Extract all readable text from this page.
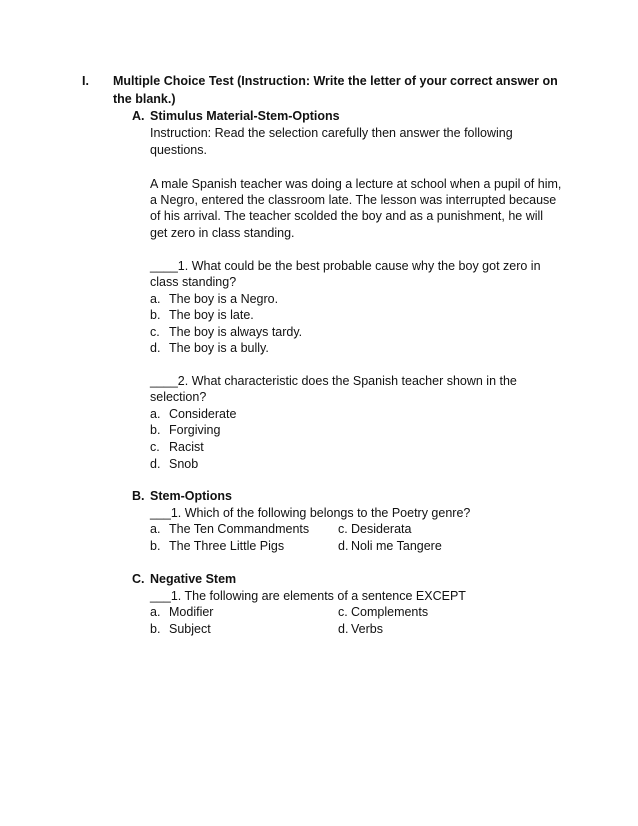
I. Multiple Choice Test (Instruction: Write the letter of your correct answer on
the blank.)
A. Stimulus Material-Stem-Options
Instruction: Read the selection carefully then answer the following
questions.
A male Spanish teacher was doing a lecture at school when a pupil of him,
a Negro, entered the classroom late. The lesson was interrupted because
of his arrival. The teacher scolded the boy and as a punishment, he will
get zero in class standing.
____1. What could be the best probable cause why the boy got zero in
class standing?
a. The boy is a Negro.
b. The boy is late.
c. The boy is always tardy.
d. The boy is a bully.
____2. What characteristic does the Spanish teacher shown in the
selection?
a. Considerate
b. Forgiving
c. Racist
d. Snob
B. Stem-Options
___1. Which of the following belongs to the Poetry genre?
a. The Ten Commandments c. Desiderata
b. The Three Little Pigs	d. Noli me Tangere
C. Negative Stem
___1. The following are elements of a sentence EXCEPT
a. Modifier	c. Complements
b. Subject	d. Verbs
